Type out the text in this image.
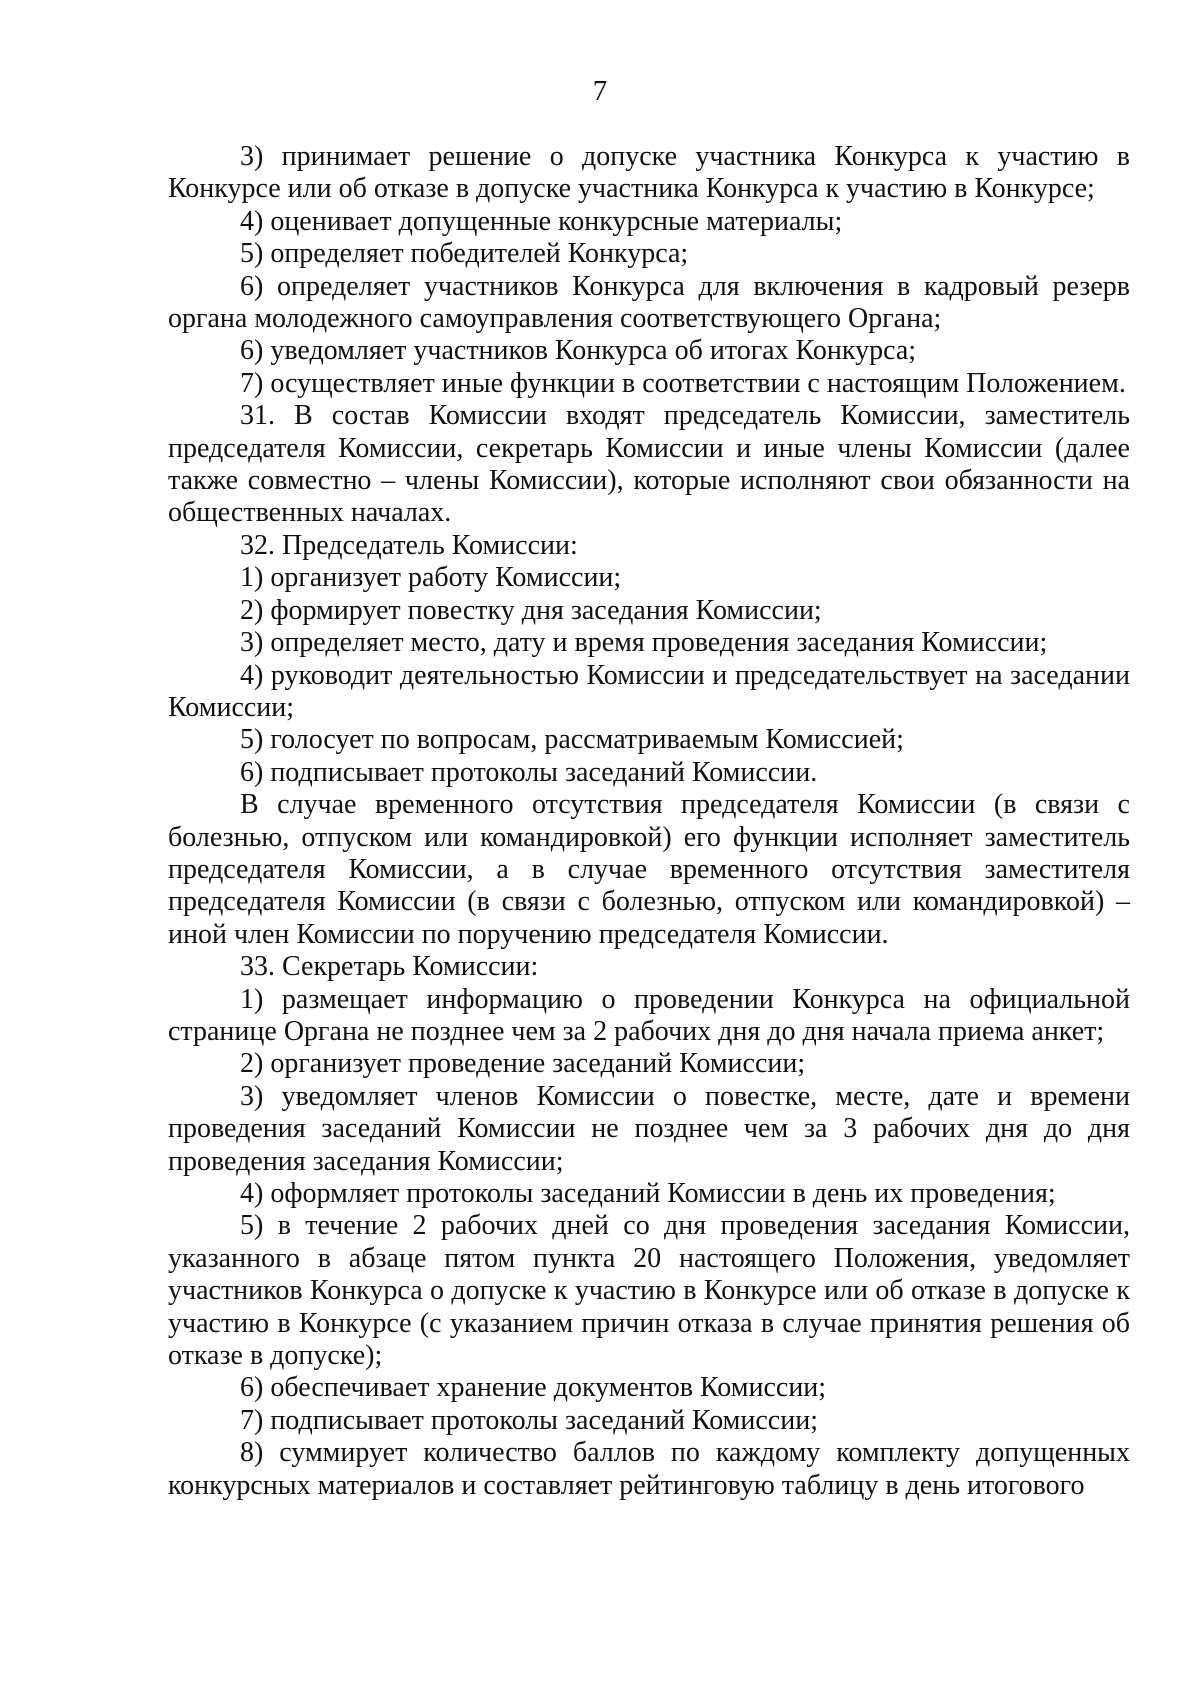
7

3) принимает решение о допуске участника Конкурса к участию в Конкурсе или об отказе в допуске участника Конкурса к участию в Конкурсе;

4) оценивает допущенные конкурсные материалы;

5) определяет победителей Конкурса;

6) определяет участников Конкурса для включения в кадровый резерв органа молодежного самоуправления соответствующего Органа;

6) уведомляет участников Конкурса об итогах Конкурса;

7) осуществляет иные функции в соответствии с настоящим Положением.

31. В состав Комиссии входят председатель Комиссии, заместитель председателя Комиссии, секретарь Комиссии и иные члены Комиссии (далее также совместно – члены Комиссии), которые исполняют свои обязанности на общественных началах.

32. Председатель Комиссии:

1) организует работу Комиссии;

2) формирует повестку дня заседания Комиссии;

3) определяет место, дату и время проведения заседания Комиссии;

4) руководит деятельностью Комиссии и председательствует на заседании Комиссии;

5) голосует по вопросам, рассматриваемым Комиссией;

6) подписывает протоколы заседаний Комиссии.

В случае временного отсутствия председателя Комиссии (в связи с болезнью, отпуском или командировкой) его функции исполняет заместитель председателя Комиссии, а в случае временного отсутствия заместителя председателя Комиссии (в связи с болезнью, отпуском или командировкой) – иной член Комиссии по поручению председателя Комиссии.

33. Секретарь Комиссии:

1) размещает информацию о проведении Конкурса на официальной странице Органа не позднее чем за 2 рабочих дня до дня начала приема анкет;

2) организует проведение заседаний Комиссии;

3) уведомляет членов Комиссии о повестке, месте, дате и времени проведения заседаний Комиссии не позднее чем за 3 рабочих дня до дня проведения заседания Комиссии;

4) оформляет протоколы заседаний Комиссии в день их проведения;

5) в течение 2 рабочих дней со дня проведения заседания Комиссии, указанного в абзаце пятом пункта 20 настоящего Положения, уведомляет участников Конкурса о допуске к участию в Конкурсе или об отказе в допуске к участию в Конкурсе (с указанием причин отказа в случае принятия решения об отказе в допуске);

6) обеспечивает хранение документов Комиссии;

7) подписывает протоколы заседаний Комиссии;

8) суммирует количество баллов по каждому комплекту допущенных конкурсных материалов и составляет рейтинговую таблицу в день итогового
